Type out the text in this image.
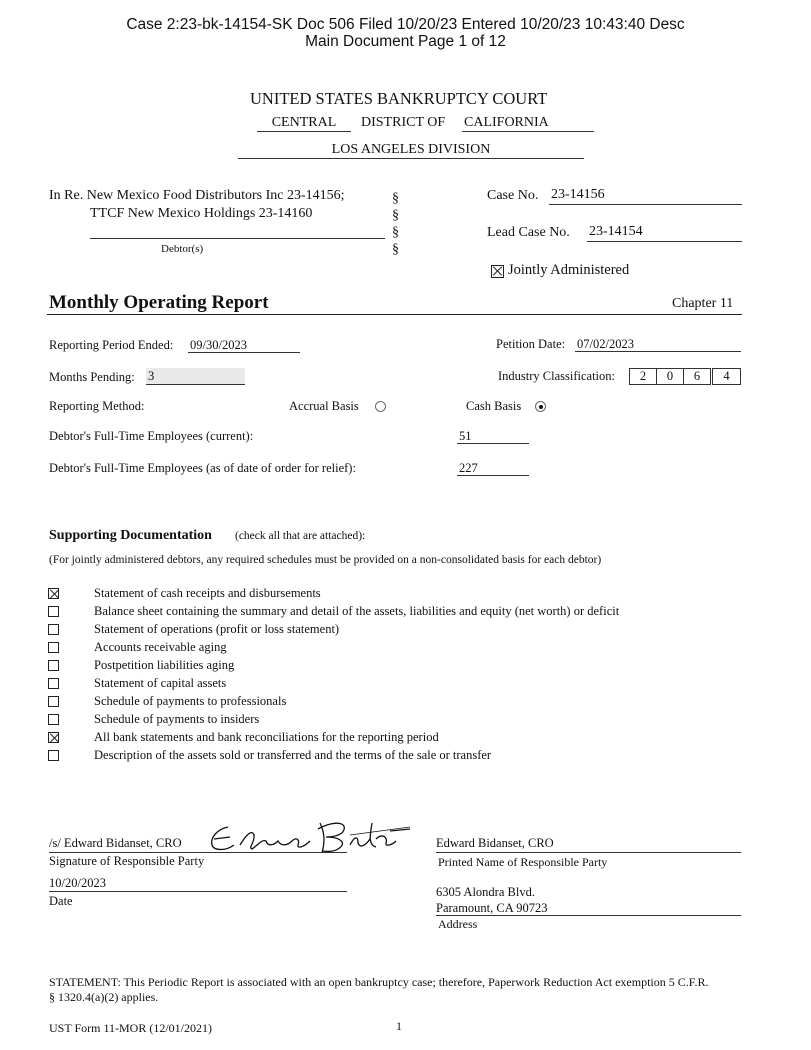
Case 2:23-bk-14154-SK Doc 506 Filed 10/20/23 Entered 10/20/23 10:43:40 Desc
Main Document Page 1 of 12
UNITED STATES BANKRUPTCY COURT
CENTRAL	DISTRICT OF CALIFORNIA
LOS ANGELES DIVISION
In Re. New Mexico Food Distributors Inc 23-14156;
TTCF New Mexico Holdings 23-14160
Debtor(s)
§
§
§
§
Case No. 23-14156
Lead Case No. 23-14154
Jointly Administered
Monthly Operating Report	Chapter 11
Reporting Period Ended: 09/30/2023	Petition Date: 07/02/2023
Months Pending: 3	Industry Classification:	2	0	6	4
Reporting Method:	Accrual Basis	Cash Basis
Debtor's Full-Time Employees (current):	51
Debtor's Full-Time Employees (as of date of order for relief):	227
Supporting Documentation (check all that are attached):
(For jointly administered debtors, any required schedules must be provided on a non-consolidated basis for each debtor)
Statement of cash receipts and disbursements
Balance sheet containing the summary and detail of the assets, liabilities and equity (net worth) or deficit
Statement of operations (profit or loss statement)
Accounts receivable aging
Postpetition liabilities aging
Statement of capital assets
Schedule of payments to professionals
Schedule of payments to insiders
All bank statements and bank reconciliations for the reporting period
Description of the assets sold or transferred and the terms of the sale or transfer
/s/ Edward Bidanset, CRO
Signature of Responsible Party
10/20/2023
Date
Edward Bidanset, CRO
Printed Name of Responsible Party
6305 Alondra Blvd.
Paramount, CA 90723
Address
STATEMENT: This Periodic Report is associated with an open bankruptcy case; therefore, Paperwork Reduction Act exemption 5 C.F.R.
§ 1320.4(a)(2) applies.
UST Form 11-MOR (12/01/2021)	1
